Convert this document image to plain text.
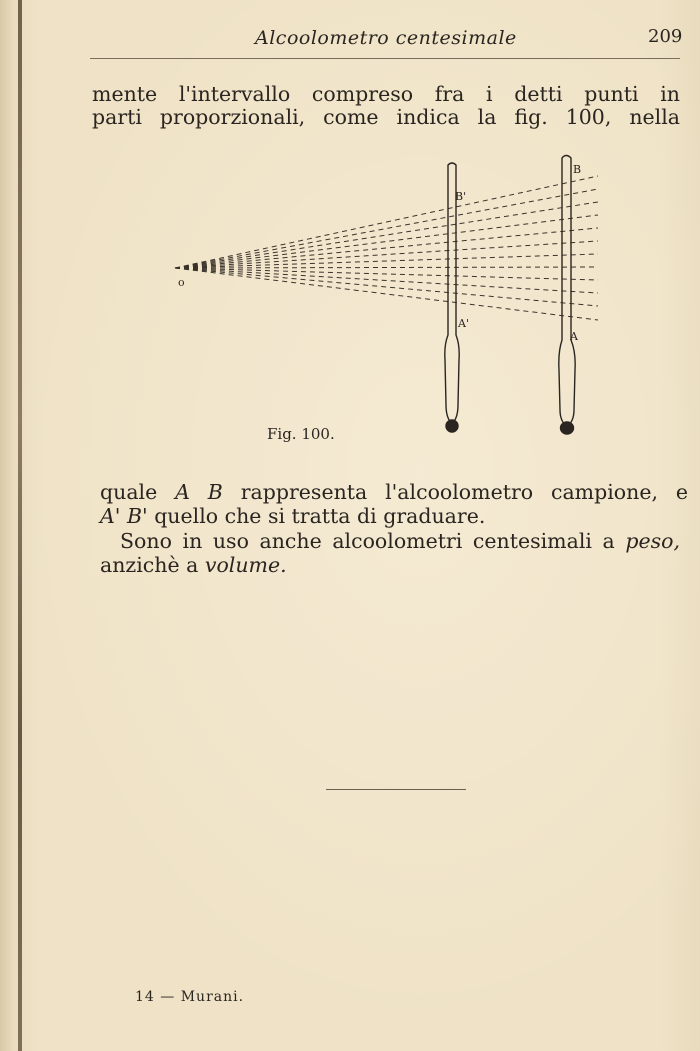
Alcoolometro centesimale	209
mente l'intervallo compreso fra i detti punti in
parti proporzionali, come indica la fig. 100, nella
o
B'
A'
B
A
Fig. 100.
quale A B rappresenta l'alcoolometro campione, e
A' B' quello che si tratta di graduare.
Sono in uso anche alcoolometri centesimali a peso,
anzichè a volume.
14 — Murani.
